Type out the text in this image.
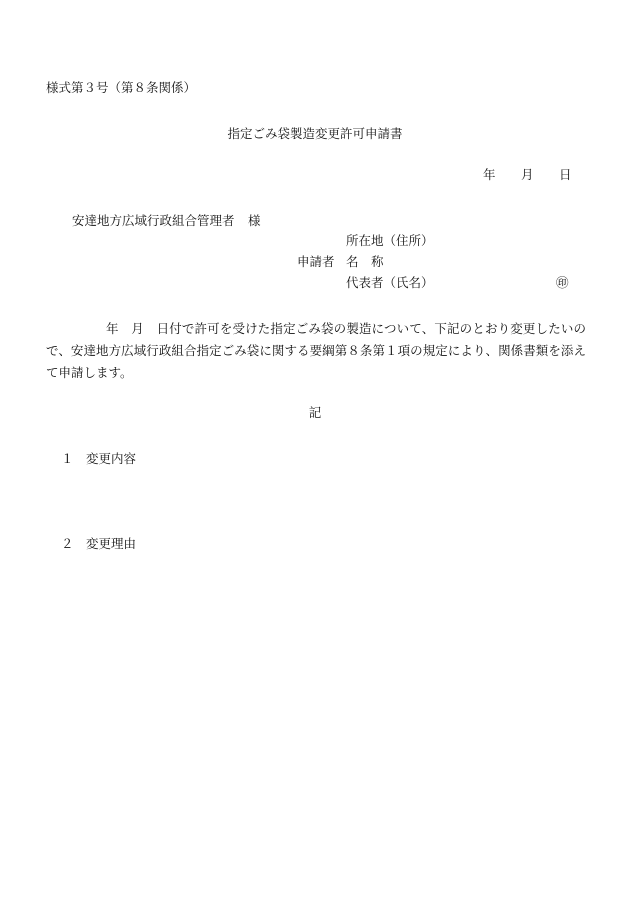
様式第３号（第８条関係）
指定ごみ袋製造変更許可申請書
年 月 日
安達地方広域行政組合管理者 様
所在地（住所）
申請者 名　称
代表者（氏名）	㊞
年　月　日付で許可を受けた指定ごみ袋の製造について、下記のとおり変更したいので、安達地方広域行政組合指定ごみ袋に関する要綱第８条第１項の規定により、関係書類を添えて申請します。
記
１ 変更内容
２ 変更理由
